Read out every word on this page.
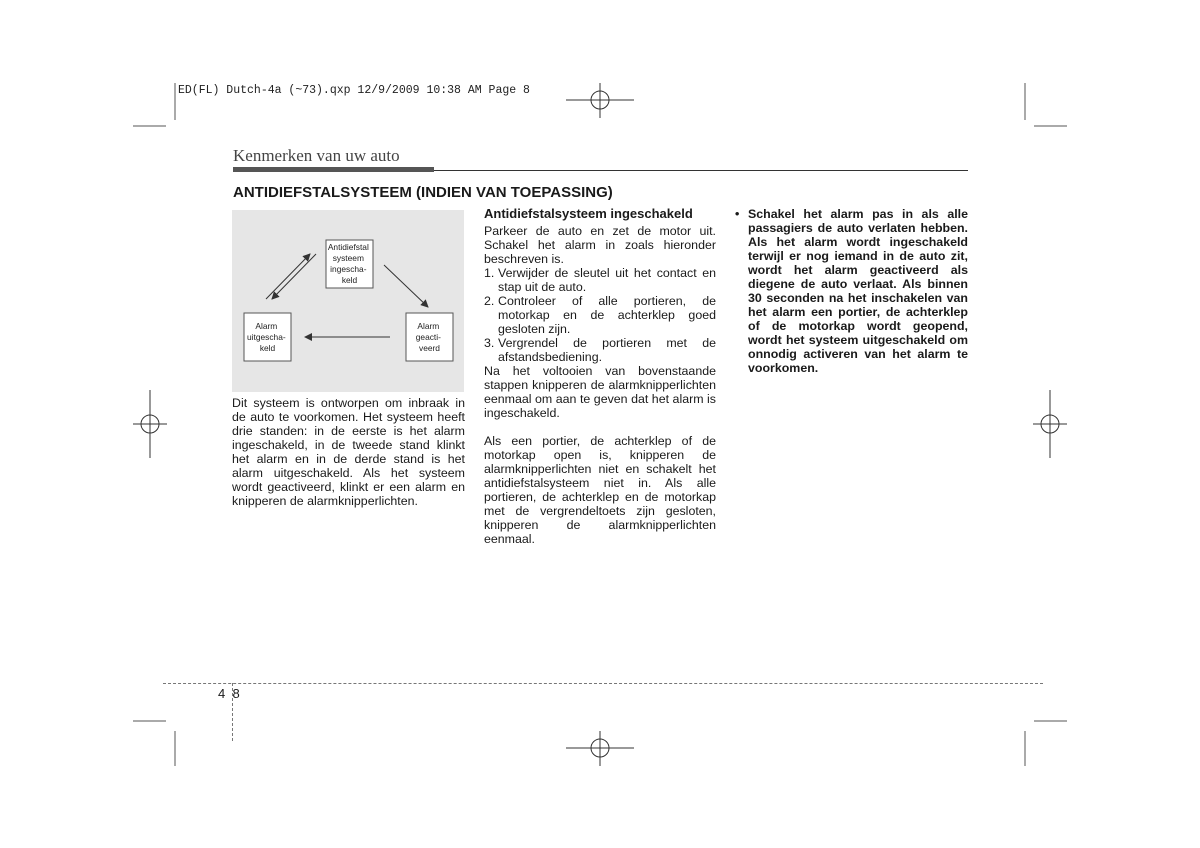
ED(FL) Dutch-4a (~73).qxp 12/9/2009 10:38 AM Page 8
Kenmerken van uw auto
ANTIDIEFSTALSYSTEEM (INDIEN VAN TOEPASSING)
Antidiefstal systeem ingescha- keld
Alarm uitgescha- keld
Alarm geacti- veerd
Dit systeem is ontworpen om inbraak in de auto te voorkomen. Het systeem heeft drie standen: in de eerste is het alarm ingeschakeld, in de tweede stand klinkt het alarm en in de derde stand is het alarm uitgeschakeld. Als het systeem wordt geactiveerd, klinkt er een alarm en knipperen de alarmknipperlichten.
Antidiefstalsysteem ingeschakeld
Parkeer de auto en zet de motor uit. Schakel het alarm in zoals hieronder beschreven is.
1. Verwijder de sleutel uit het contact en stap uit de auto.
2. Controleer of alle portieren, de motorkap en de achterklep goed gesloten zijn.
3. Vergrendel de portieren met de afstandsbediening.
Na het voltooien van bovenstaande stappen knipperen de alarmknipperlichten eenmaal om aan te geven dat het alarm is ingeschakeld.
Als een portier, de achterklep of de motorkap open is, knipperen de alarmknipperlichten niet en schakelt het antidiefstalsysteem niet in. Als alle portieren, de achterklep en de motorkap met de vergrendeltoets zijn gesloten, knipperen de alarmknipperlichten eenmaal.
• Schakel het alarm pas in als alle passagiers de auto verlaten hebben. Als het alarm wordt ingeschakeld terwijl er nog iemand in de auto zit, wordt het alarm geactiveerd als diegene de auto verlaat. Als binnen 30 seconden na het inschakelen van het alarm een portier, de achterklep of de motorkap wordt geopend, wordt het systeem uitgeschakeld om onnodig activeren van het alarm te voorkomen.
4 8
